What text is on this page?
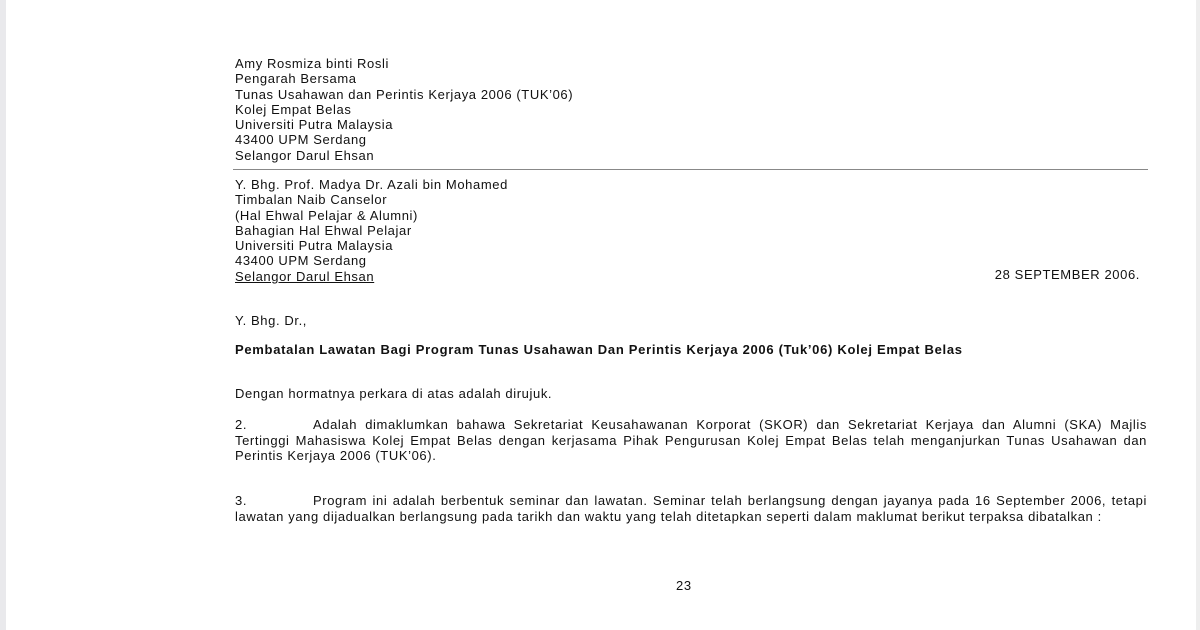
Amy Rosmiza binti Rosli
Pengarah Bersama
Tunas Usahawan dan Perintis Kerjaya 2006 (TUK’06)
Kolej Empat Belas
Universiti Putra Malaysia
43400 UPM Serdang
Selangor Darul Ehsan
Y. Bhg. Prof. Madya Dr. Azali bin Mohamed
Timbalan Naib Canselor
(Hal Ehwal Pelajar & Alumni)
Bahagian Hal Ehwal Pelajar
Universiti Putra Malaysia
43400 UPM Serdang
Selangor Darul Ehsan	28 SEPTEMBER 2006.
Y. Bhg. Dr.,
Pembatalan Lawatan Bagi Program Tunas Usahawan Dan Perintis Kerjaya 2006 (Tuk’06) Kolej Empat Belas
Dengan hormatnya perkara di atas adalah dirujuk.
2.	Adalah dimaklumkan bahawa Sekretariat Keusahawanan Korporat (SKOR) dan Sekretariat Kerjaya dan Alumni (SKA) Majlis Tertinggi Mahasiswa Kolej Empat Belas dengan kerjasama Pihak Pengurusan Kolej Empat Belas telah menganjurkan Tunas Usahawan dan Perintis Kerjaya 2006 (TUK’06).
3.	Program ini adalah berbentuk seminar dan lawatan. Seminar telah berlangsung dengan jayanya pada 16 September 2006, tetapi lawatan yang dijadualkan berlangsung pada tarikh dan waktu yang telah ditetapkan seperti dalam maklumat berikut terpaksa dibatalkan :
23
